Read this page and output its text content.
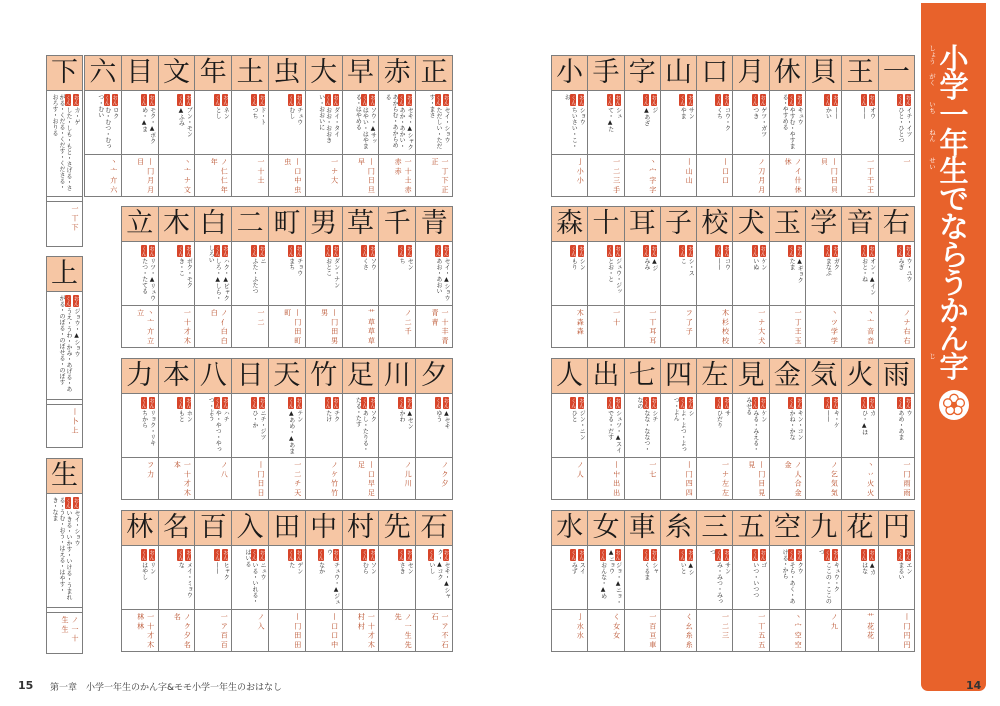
下
おんカ・ゲ
くんした・しも・もと・さげる・さがる・くだる・くだす・くださる・おろす・おりる
一 丅 下
上
おんジョウ・▲ショウ
くんうえ・うわ・かみ・あげる・あがる・のぼる・のぼせる・のぼす
丨 卜 上
生
おんセイ・ショウ
くんいきる・いかす・いける・うまれる・うむ・おう・はえる・はやす・き・なま
ノ 一 十 生 生
六
おんロク
くんむ・むつ・むっつ・むい
丶 亠 亣 六
目
おんモク・▲ボク
くんめ・▲ま
丨 冂 月 月 目
文
おんブン・モン
くん▲ふみ
丶 亠 ナ 文
年
おんネン
くんとし
ノ 仁 仁 年 年
土
おんド・ト
くんつち
一 十 土
虫
おんチュウ
くんむし
丨 口 中 虫 虫
大
おんダイ・タイ
くんおお・おおきい・おおいに
一 ナ 大
早
おんソウ・▲サッ
くんはやい・はやまる・はやめる
丨 冂 日 旦 早
赤
おんセキ・▲シャク
くんあか・あかい・あからむ・あからめる
一 十 土 赤 赤 赤
正
おんセイ・ショウ
くんただしい・ただす・まさ
一 丁 下 正 正
立
おんリツ・▲リュウ
くんたつ・たてる
丶 亠 亣 立 立
木
おんボク・モク
くんき・こ
一 十 才 木
白
おんハク・▲ビャク
くんしろ・▲しら・しろい
ノ 亻 白 白 白
二
おんニ
くんふた・ふたつ
一 二
町
おんチョウ
くんまち
丨 冂 田 町 町
男
おんダン・ナン
くんおとこ
丨 冂 田 男 男
草
おんソウ
くんくさ
艹 草 草 草
千
おんセン
くんち
ノ 二 千
青
おんセイ・▲ショウ
くんあお・あおい
一 十 丰 青 青 青
力
おんリョク・リキ
くんちから
フ 力
本
おんホン
くんもと
一 十 才 木 本
八
おんハチ
くんや・やつ・やっつ・よう
ノ 八
日
おんニチ・ジツ
くんひ・か
丨 冂 日 日
天
おんテン
くん▲あめ・▲あま
一 二 チ 天
竹
おんチク
くんたけ
ノ ケ 竹 竹
足
おんソク
くんあし・たりる・たる・たす
丨 口 早 足 足
川
おん▲セン
くんかわ
ノ 儿 川
夕
おん▲セキ
くんゆう
ノ ク 夕
林
おんリン
くんはやし
一 十 才 木 林 林
名
おんメイ・ミョウ
くんな
ノ ク 夕 名 名
百
おんヒャク
くん——
一 ア 百 百
入
おんニュウ
くんいる・いれる・はいる
ノ 入
田
おんデン
くんた
丨 冂 田 田
中
おんチュウ・▲ジュウ
くんなか
丨 口 口 中
村
おんソン
くんむら
一 十 才 木 村 村
先
おんセン
くんさき
ノ 一 生 先 先
石
おんセキ・▲シャク・▲コク
くんいし
一 ア 不 石 石
15 第一章　小学一年生のかん字&モモ小学一年生のおはなし
小
おんショウ
くんちいさい・こ・お
亅 小 小
手
おんシュ
くんて・▲た
一 二 三 手
字
おんジ
くん▲あざ
丶 宀 字 字
山
おんサン
くんやま
丨 山 山
口
おんコウ・ク
くんくち
丨 口 口
月
おんゲツ・ガツ
くんつき
ノ 刀 月 月
休
おんキュウ
くんやすむ・やすまる・やすめる
ノ イ 什 休 休
貝
おん——
くんかい
丨 冂 目 貝 貝
王
おんオウ
くん——
一 丁 干 王
一
おんイチ・イツ
くんひと・ひとつ
一
森
おんシン
くんもり
木 森 森
十
おんジュウ・ジッ
くんとお・と
一 十
耳
おん▲ジ
くんみみ
一 丅 耳 耳
子
おんシ・ス
くんこ
フ 了 子
校
おんコウ
くん——
木 杉 校 校
犬
おんケン
くんいぬ
一 ナ 大 犬
玉
おん▲ギョク
くんたま
一 丁 王 玉
学
おんガク
くんまなぶ
丶 ツ 学 学
音
おんオン・▲イン
くんおと・ね
丶 亠 音 音
右
おんウ・ユウ
くんみぎ
ノ ナ 右 右
人
おんジン・ニン
くんひと
ノ 人
出
おんシュツ・▲スイ
くんでる・だす
丨 屮 出 出
七
おんシチ
くんなな・ななつ・なの
一 七
四
おんシ
くんよ・よつ・よっつ・よん
丨 冂 四 四
左
おんサ
くんひだり
一 ナ 左 左
見
おんケン
くんみる・みえる・みせる
丨 冂 目 見 見
金
おんキン・コン
くんかね・かな
ノ 人 合 金 金
気
おんキ・ケ
くん——
ノ 乞 気 気
火
おんカ
くんひ・▲ほ
丶 丷 火 火
雨
おんウ
くんあめ・あま
一 冂 雨 雨
水
おんスイ
くんみず
亅 水 水
女
おんジョ・▲ニョ・▲ニョウ
くんおんな・▲め
く 女 女
車
おんシャ
くんくるま
一 百 亘 車
糸
おん▲シ
くんいと
く 幺 糸 糸
三
おんサン
くんみ・みつ・みっつ
一 二 三
五
おんゴ
くんいつ・いつつ
一 丅 五 五
空
おんクウ
くんそら・あく・あける・から
丶 宀 空 空
九
おんキュウ・ク
くんここの・ここのつ
ノ 九
花
おん▲カ
くんはな
艹 花 花
円
おんエン
くんまるい
丨 冂 円 円
小
しょう
学
がく
一
いち
年
ねん
生
せい
で
な
ら
う
か
ん
字
じ
14
